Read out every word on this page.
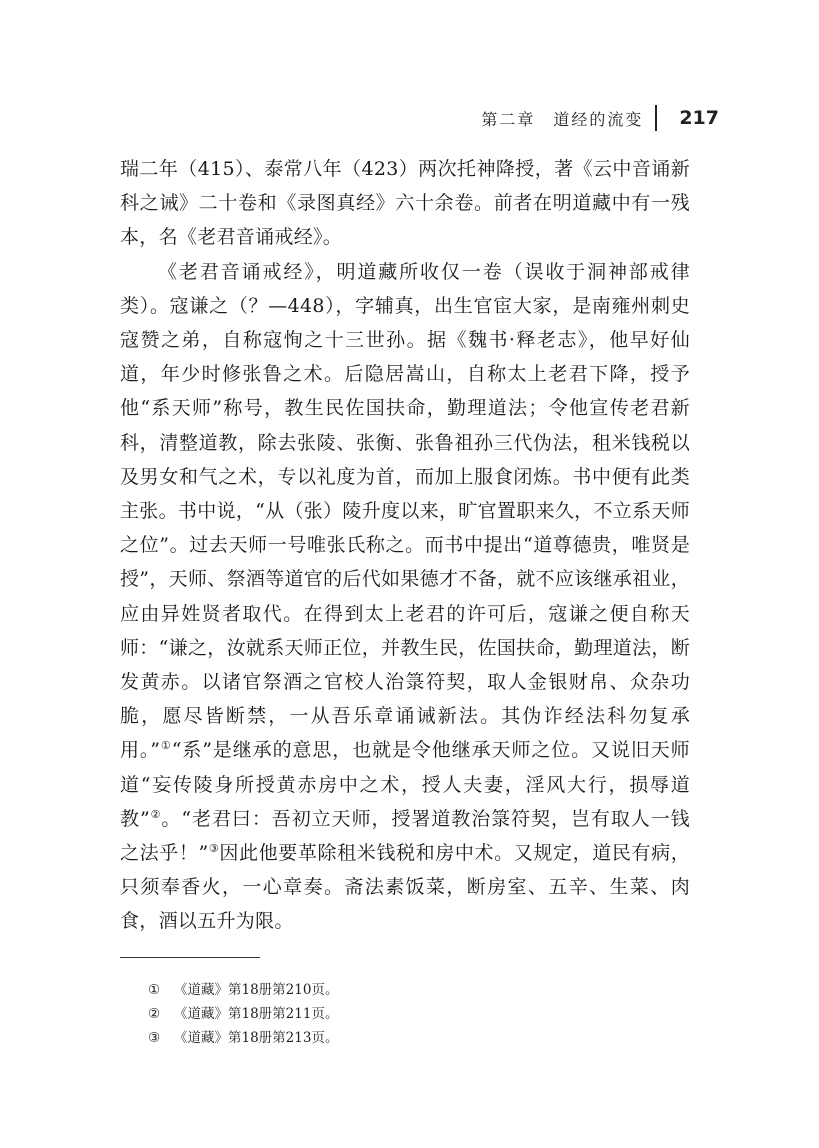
第二章　道经的流变 217

瑞二年（415）、泰常八年（423）两次托神降授，著《云中音诵新科之诫》二十卷和《录图真经》六十余卷。前者在明道藏中有一残本，名《老君音诵戒经》。

《老君音诵戒经》，明道藏所收仅一卷（误收于洞神部戒律类）。寇谦之（？—448），字辅真，出生官宦大家，是南雍州刺史寇赞之弟，自称寇恂之十三世孙。据《魏书·释老志》，他早好仙道，年少时修张鲁之术。后隐居嵩山，自称太上老君下降，授予他“系天师”称号，教生民佐国扶命，勤理道法；令他宣传老君新科，清整道教，除去张陵、张衡、张鲁祖孙三代伪法，租米钱税以及男女和气之术，专以礼度为首，而加上服食闭炼。书中便有此类主张。书中说，“从（张）陵升度以来，旷官置职来久，不立系天师之位”。过去天师一号唯张氏称之。而书中提出“道尊德贵，唯贤是授”，天师、祭酒等道官的后代如果德才不备，就不应该继承祖业，应由异姓贤者取代。在得到太上老君的许可后，寇谦之便自称天师：“谦之，汝就系天师正位，并教生民，佐国扶命，勤理道法，断发黄赤。以诸官祭酒之官校人治箓符契，取人金银财帛、众杂功脆，愿尽皆断禁，一从吾乐章诵诫新法。其伪诈经法科勿复承用。”①“系”是继承的意思，也就是令他继承天师之位。又说旧天师道“妄传陵身所授黄赤房中之术，授人夫妻，淫风大行，损辱道教”②。“老君曰：吾初立天师，授署道教治箓符契，岂有取人一钱之法乎！”③因此他要革除租米钱税和房中术。又规定，道民有病，只须奉香火，一心章奏。斋法素饭菜，断房室、五辛、生菜、肉食，酒以五升为限。

①	《道藏》第18册第210页。
②	《道藏》第18册第211页。
③	《道藏》第18册第213页。
